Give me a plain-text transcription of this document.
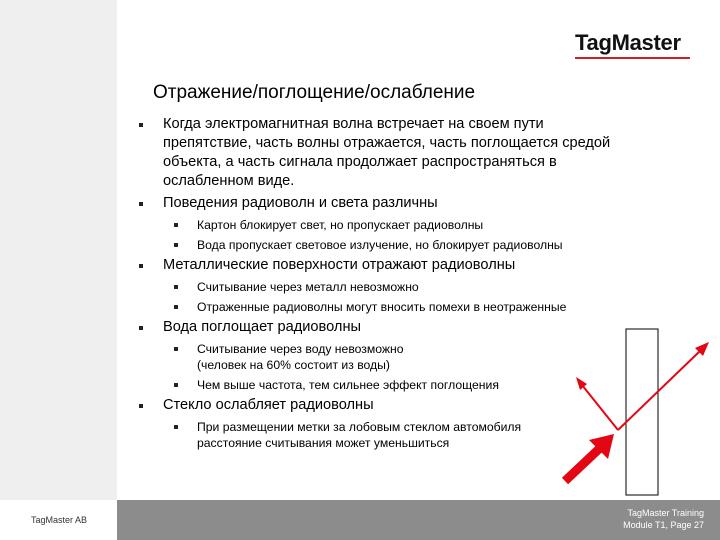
TagMaster
Отражение/поглощение/ослабление
Когда электромагнитная волна встречает на своем пути препятствие, часть волны отражается, часть поглощается средой объекта, а часть сигнала продолжает распространяться в ослабленном виде.
Поведения радиоволн и света различны
Картон блокирует свет, но пропускает радиоволны
Вода пропускает световое излучение, но блокирует радиоволны
Металлические поверхности отражают радиоволны
Считывание через металл невозможно
Отраженные радиоволны могут вносить помехи в неотраженные
Вода поглощает радиоволны
Считывание через воду невозможно (человек на 60% состоит из воды)
Чем выше частота, тем сильнее эффект поглощения
Стекло ослабляет радиоволны
При размещении метки за лобовым стеклом автомобиля расстояние считывания может уменьшиться
TagMaster AB
TagMaster Training
Module T1, Page 27
